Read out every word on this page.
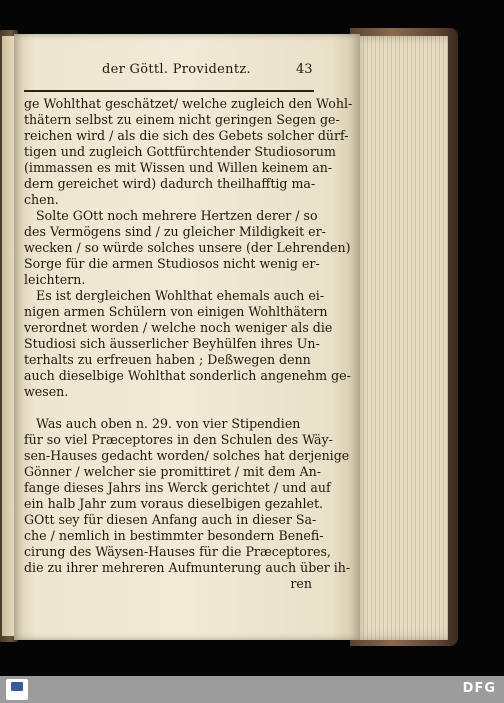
der Göttl. Providentz.	43
ge Wohlthat geschätzet/ welche zugleich den Wohl-
thätern selbst zu einem nicht geringen Segen ge-
reichen wird / als die sich des Gebets solcher dürf-
tigen und zugleich Gottfürchtender Studiosorum
(immassen es mit Wissen und Willen keinem an-
dern gereichet wird) dadurch theilhafftig ma-
chen.
Solte GOtt noch mehrere Hertzen derer / so
des Vermögens sind / zu gleicher Mildigkeit er-
wecken / so würde solches unsere (der Lehrenden)
Sorge für die armen Studiosos nicht wenig er-
leichtern.
Es ist dergleichen Wohlthat ehemals auch ei-
nigen armen Schülern von einigen Wohlthätern
verordnet worden / welche noch weniger als die
Studiosi sich äusserlicher Beyhülfen ihres Un-
terhalts zu erfreuen haben ; Deßwegen denn
auch dieselbige Wohlthat sonderlich angenehm ge-
wesen.
Was auch oben n. 29. von vier Stipendien
für so viel Præceptores in den Schulen des Wäy-
sen-Hauses gedacht worden/ solches hat derjenige
Gönner / welcher sie promittiret / mit dem An-
fange dieses Jahrs ins Werck gerichtet / und auf
ein halb Jahr zum voraus dieselbigen gezahlet.
GOtt sey für diesen Anfang auch in dieser Sa-
che / nemlich in bestimmter besondern Benefi-
cirung des Wäysen-Hauses für die Præceptores,
die zu ihrer mehreren Aufmunterung auch über ih-
ren
DFG
